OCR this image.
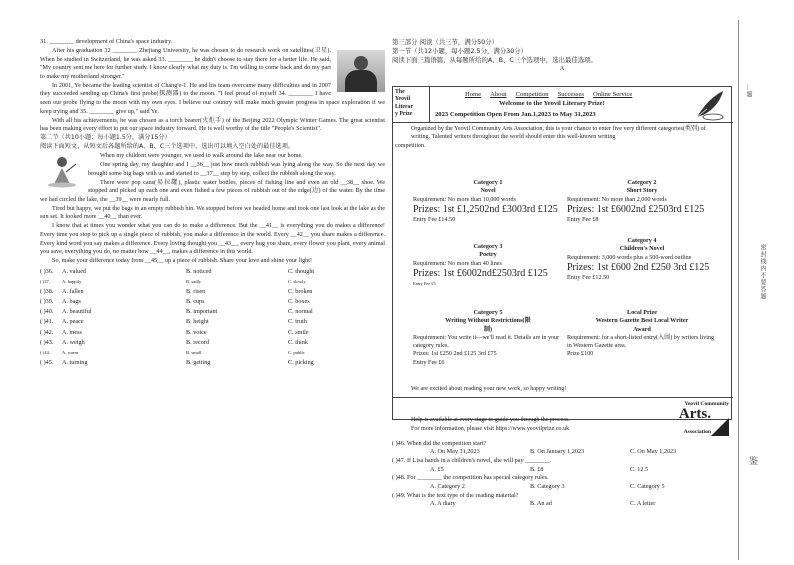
31. ________ development of China's space industry.

After his graduation 32 ________ Zhejiang University, he was chosen to do research work on satellites(卫星). When he studied in Switzerland, he was asked 33. ________ he didn't choose to stay there for a better life. He said, "My country sent me here for further study. I know clearly what my duty is. I'm willing to come back and do my part to make my motherland stronger."

In 2001, Ye became the leading scientist of Chang'e-1. He and his team overcame many difficulties and in 2007 they succeeded sending up China's first probe(探测器) to the moon. "I feel proud of myself 34. ________ I have seen our probe flying to the moon with my own eyes. I believe our country will make much greater progress in space exploration if we keep trying and 35. ________ give up," said Ye.

With all his achievements, he was chosen as a torch bearer(火炬手) of the Beijing 2022 Olympic Winter Games. The great scientist has been making every effort to put our space industry forward. He is well worthy of the title "People's Scientist".

第二节（共10小题；每小题1.5分，满分15分）

阅读下面短文，从短文后各题所给的A、B、C三个选项中，选出可以填入空白处的最佳选项。

When my children were younger, we used to walk around the lake near our home.

One spring day, my daughter and I __36__ just how much rubbish was lying along the way. So the next day we brought some big bags with us and started to __37__ step by step, collect the rubbish along the way.

There were pop cans(易拉罐), plastic water bottles, pieces of fishing line and even an old __38__ shoe. We stopped and picked up each one and even fished a few pieces of rubbish out of the edge(边) of the water. By the time we had circled the lake, the __39__ were nearly full.

Tired but happy, we put the bags in an empty rubbish bin. We stopped before we headed home and took one last look at the lake as the sun set. It looked more __40__ than ever.

I know that at times you wonder what you can do to make a difference. But the __41__ is everything you do makes a difference! Every time you stop to pick up a single piece of rubbish, you make a difference in the world. Every __42__ you share makes a difference. Every kind word you say makes a difference. Every loving thought you __43__, every hug you share, every flower you plant, every animal you save, everything you do, no matter how __44__, makes a difference in this world.

So, make your difference today from __45__ up a piece of rubbish. Share your love and shine your light!

( )36.	A. valued	B. noticed	C. thought
( )37.	A. happily	B. sadly	C. slowly
( )38.	A. fallen	B. risen	C. broken
( )39.	A. bags	B. cups	C. boxes
( )40.	A. beautiful	B. important	C. normal
( )41.	A. peace	B. height	C. truth
( )42.	A. mess	B. voice	C. smile
( )43.	A. weigh	B. record	C. think
( )44.	A. warm	B. small	C. public
( )45.	A. turning	B. getting	C. picking
第三部分 阅读（共三节，满分50分）
第一节（共12小题，每小题2.5分，满分30分）
阅读下面三篇语篇，从每题所给的A、B、C三个选项中，选出最佳选项。
A
The
Yeovil
Literar
y Prize
Home About Competition Successes Online Service
Welcome to the Yeovil Literary Prize!
2023 Competition Open From Jan.1,2023 to May 31,2023
Organized by the Yeovil Community Arts Association, this is your chance to enter five very different categories(类别) of writing. Talented writers throughout the world should enter this well-known writing
competition.
Category 1
Novel
Requirement: No more than 10,000 words
Prizes: 1st £1,2502nd £3003rd £125
Entry Fee £14.50
Category 2
Short Story
Requirement: No more than 2,000 words
Prizes: 1st £6002nd £2503rd £125
Entry Fee £8
Category 3
Poetry
Requirement: No more than 40 lines
Prizes: 1st £6002nd£2503rd £125
Entry Fee £5
Category 4
Children's Novel
Requirement: 3,000 words plus a 500-word outline
Prizes: 1st £600 2nd £250 3rd £125
Entry Fee £12.50
Category 5
Writing Without Restrictions(限制)
Requirement: You write it—we'll read it. Details are in your category rules.
Prizes: 1st £250 2nd £125 3rd £75
Entry Fee £6
Local Prize
Western Gazette Best Local Writer Award
Requirement: for a short-listed entry(入围) by writers living in Western Gazette area.
Prize £100
We are excited about reading your new work, so happy writing!
Help is available at every stage to guide you through the process.
For more information, please visit https://www.yeovilprize.co.uk
Yeovil Community
Arts.
Association
( )46. When did the competition start?
A. On May 31,2023	B. On January 1,2023	C. On May 1,2023
( )47. If Lisa hands in a children's novel, she will pay ________.
A. £5	B. £8	C. 12.5
( )48. For ________ the competition has special category rules.
A. Category 2	B. Category 3	C. Category 5
( )49. What is the text type of the reading material?
A. A diary	B. An ad	C. A letter
…题
密封线内不要答题
鉴
